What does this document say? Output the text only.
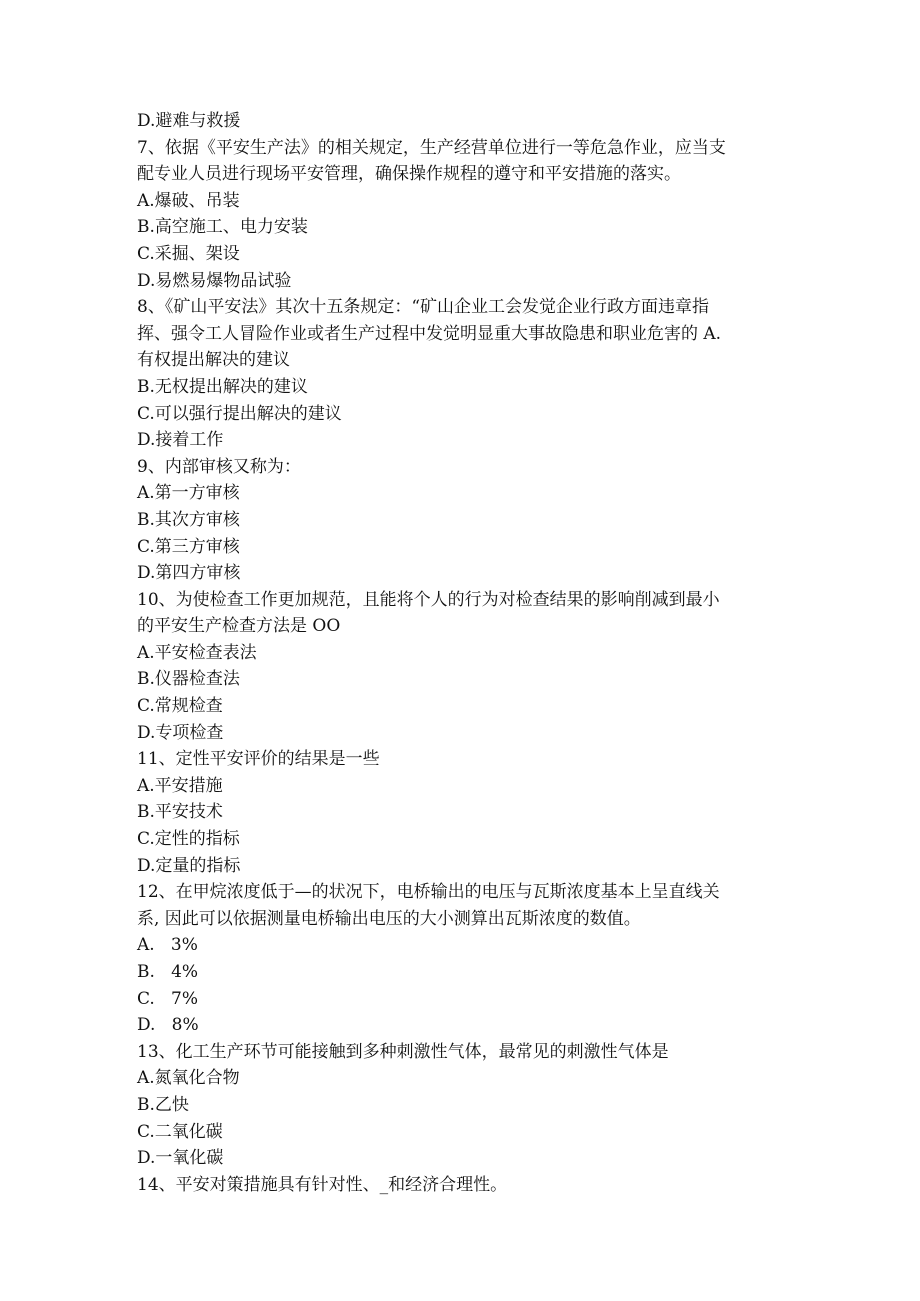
D.避难与救援

7、依据《平安生产法》的相关规定，生产经营单位进行一等危急作业，应当支

配专业人员进行现场平安管理，确保操作规程的遵守和平安措施的落实。

A.爆破、吊装

B.高空施工、电力安装

C.采掘、架设

D.易燃易爆物品试验

8、《矿山平安法》其次十五条规定：“矿山企业工会发觉企业行政方面违章指

挥、强令工人冒险作业或者生产过程中发觉明显重大事故隐患和职业危害的 A.

有权提出解决的建议

B.无权提出解决的建议

C.可以强行提出解决的建议

D.接着工作

9、内部审核又称为：

A.第一方审核

B.其次方审核

C.第三方审核

D.第四方审核

10、为使检查工作更加规范，且能将个人的行为对检查结果的影响削减到最小

的平安生产检查方法是 OO

A.平安检查表法

B.仪器检查法

C.常规检查

D.专项检查

11、定性平安评价的结果是一些

A.平安措施

B.平安技术

C.定性的指标

D.定量的指标

12、在甲烷浓度低于—的状况下，电桥输出的电压与瓦斯浓度基本上呈直线关

系, 因此可以依据测量电桥输出电压的大小测算出瓦斯浓度的数值。

A.   3%

B.   4%

C.   7%

D.   8%

13、化工生产环节可能接触到多种刺激性气体，最常见的刺激性气体是

A.氮氧化合物

B.乙快

C.二氧化碳

D.一氧化碳

14、平安对策措施具有针对性、_和经济合理性。
